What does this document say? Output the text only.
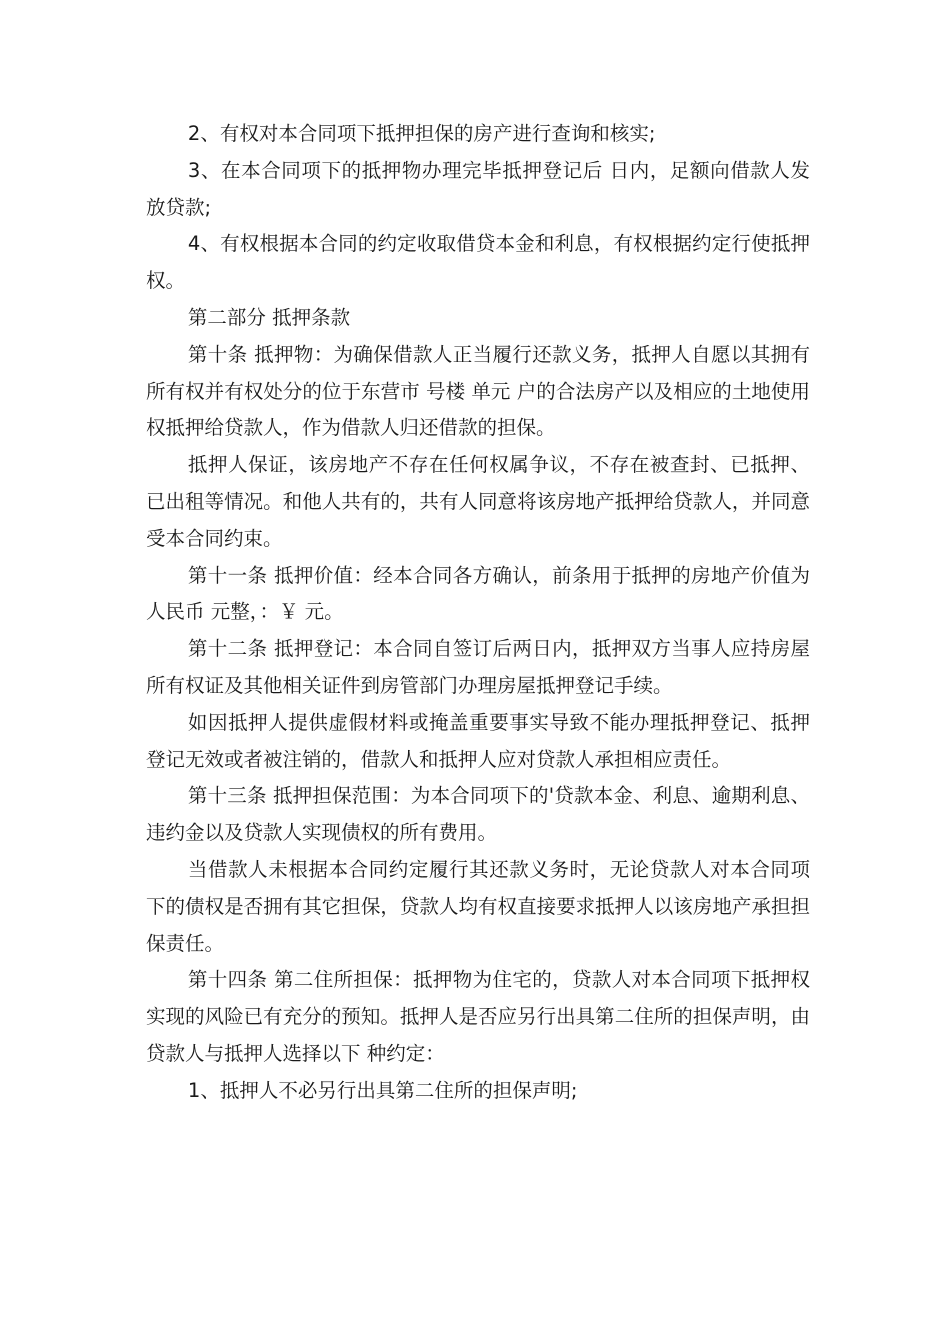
2、有权对本合同项下抵押担保的房产进行查询和核实;

3、在本合同项下的抵押物办理完毕抵押登记后 日内，足额向借款人发放贷款;

4、有权根据本合同的约定收取借贷本金和利息，有权根据约定行使抵押权。

第二部分 抵押条款

第十条 抵押物：为确保借款人正当履行还款义务，抵押人自愿以其拥有所有权并有权处分的位于东营市 号楼 单元 户的合法房产以及相应的土地使用权抵押给贷款人，作为借款人归还借款的担保。

抵押人保证，该房地产不存在任何权属争议，不存在被查封、已抵押、已出租等情况。和他人共有的，共有人同意将该房地产抵押给贷款人，并同意受本合同约束。

第十一条 抵押价值：经本合同各方确认，前条用于抵押的房地产价值为人民币 元整，：￥ 元。

第十二条 抵押登记：本合同自签订后两日内，抵押双方当事人应持房屋所有权证及其他相关证件到房管部门办理房屋抵押登记手续。

如因抵押人提供虚假材料或掩盖重要事实导致不能办理抵押登记、抵押登记无效或者被注销的，借款人和抵押人应对贷款人承担相应责任。

第十三条 抵押担保范围：为本合同项下的'贷款本金、利息、逾期利息、违约金以及贷款人实现债权的所有费用。

当借款人未根据本合同约定履行其还款义务时，无论贷款人对本合同项下的债权是否拥有其它担保，贷款人均有权直接要求抵押人以该房地产承担担保责任。

第十四条 第二住所担保：抵押物为住宅的，贷款人对本合同项下抵押权实现的风险已有充分的预知。抵押人是否应另行出具第二住所的担保声明，由贷款人与抵押人选择以下 种约定：

1、抵押人不必另行出具第二住所的担保声明;
